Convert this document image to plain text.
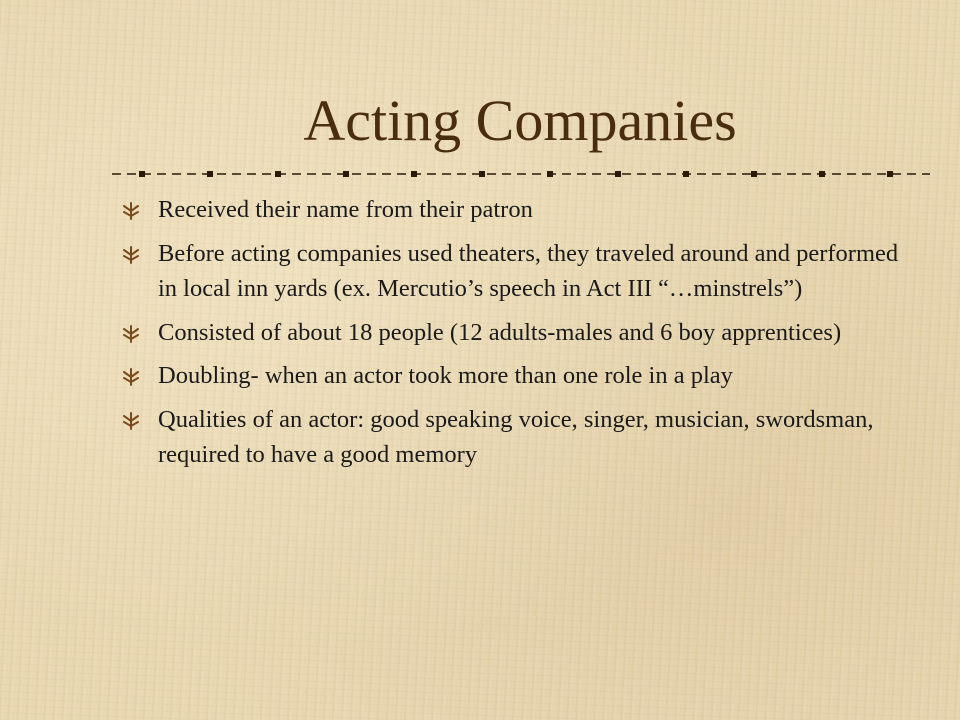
Acting Companies
Received their name from their patron
Before acting companies used theaters, they traveled around and performed in local inn yards (ex. Mercutio’s speech in Act III “…minstrels”)
Consisted of about 18 people (12 adults-males and 6 boy apprentices)
Doubling- when an actor took more than one role in a play
Qualities of an actor: good speaking voice, singer, musician, swordsman, required to have a good memory
